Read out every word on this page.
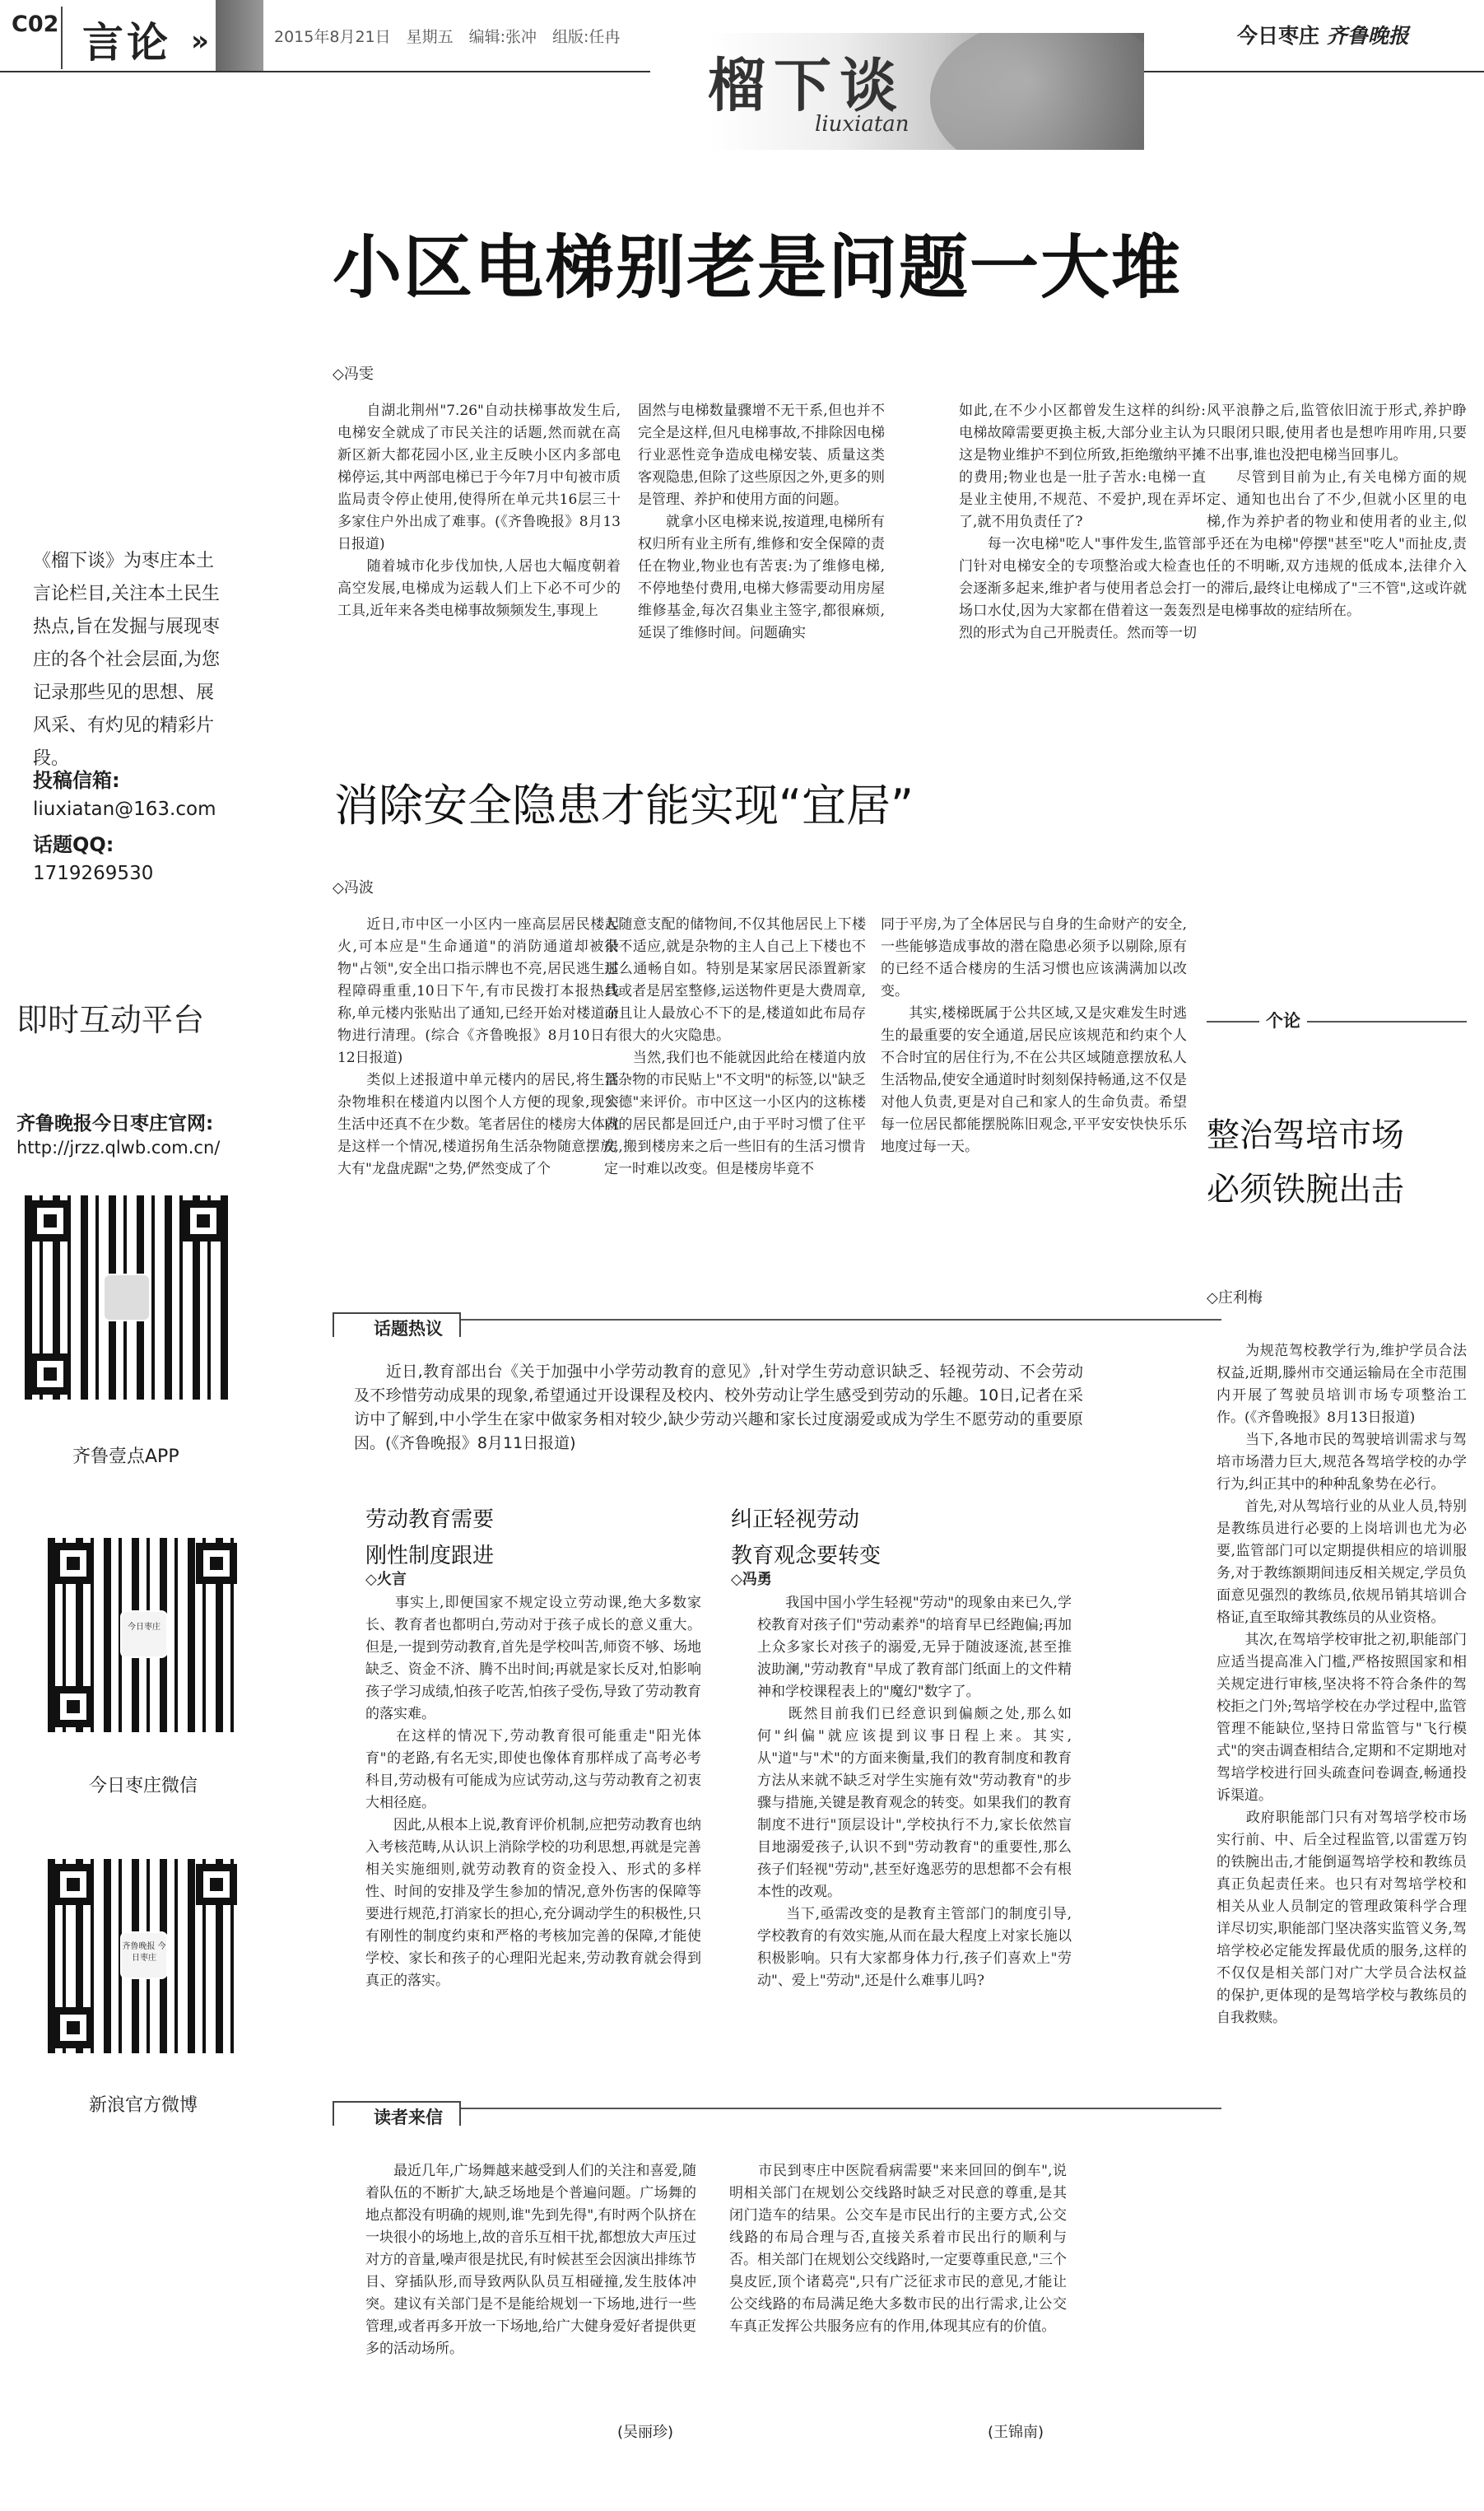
C02 言论 »	2015年8月21日　星期五　编辑:张冲　组版:任冉	今日枣庄 齐鲁晚报
榴下谈
liuxiatan
《榴下谈》为枣庄本土言论栏目,关注本土民生热点,旨在发掘与展现枣庄的各个社会层面,为您记录那些见的思想、展风采、有灼见的精彩片段。
投稿信箱:
liuxiatan@163.com
话题QQ:
1719269530
即时互动平台
齐鲁晚报今日枣庄官网:
http://jrzz.qlwb.com.cn/
齐鲁壹点APP
今日枣庄
今日枣庄微信
齐鲁晚报 今日枣庄
新浪官方微博
小区电梯别老是问题一大堆
◇冯雯
　　自湖北荆州"7.26"自动扶梯事故发生后,电梯安全就成了市民关注的话题,然而就在高新区新大都花园小区,业主反映小区内多部电梯停运,其中两部电梯已于今年7月中旬被市质监局责令停止使用,使得所在单元共16层三十多家住户外出成了难事。(《齐鲁晚报》8月13日报道)
　　随着城市化步伐加快,人居也大幅度朝着高空发展,电梯成为运载人们上下必不可少的工具,近年来各类电梯事故频频发生,事现上
固然与电梯数量骤增不无干系,但也并不完全是这样,但凡电梯事故,不排除因电梯行业恶性竞争造成电梯安装、质量这类客观隐患,但除了这些原因之外,更多的则是管理、养护和使用方面的问题。
　　就拿小区电梯来说,按道理,电梯所有权归所有业主所有,维修和安全保障的责任在物业,物业也有苦衷:为了维修电梯,不停地垫付费用,电梯大修需要动用房屋维修基金,每次召集业主签字,都很麻烦,延误了维修时间。问题确实
如此,在不少小区都曾发生这样的纠纷:电梯故障需要更换主板,大部分业主认为这是物业维护不到位所致,拒绝缴纳平摊的费用;物业也是一肚子苦水:电梯一直是业主使用,不规范、不爱护,现在弄坏了,就不用负责任了?
　　每一次电梯"吃人"事件发生,监管部门针对电梯安全的专项整治或大检查也会逐渐多起来,维护者与使用者总会打一场口水仗,因为大家都在借着这一轰轰烈烈的形式为自己开脱责任。然而等一切
风平浪静之后,监管依旧流于形式,养护睁只眼闭只眼,使用者也是想咋用咋用,只要不出事,谁也没把电梯当回事儿。
　　尽管到目前为止,有关电梯方面的规定、通知也出台了不少,但就小区里的电梯,作为养护者的物业和使用者的业主,似乎还在为电梯"停摆"甚至"吃人"而扯皮,责任的不明晰,双方违规的低成本,法律介入的滞后,最终让电梯成了"三不管",这或许就是电梯事故的症结所在。
消除安全隐患才能实现“宜居”
◇冯波
　　近日,市中区一小区内一座高层居民楼起火,可本应是"生命通道"的消防通道却被杂物"占领",安全出口指示牌也不亮,居民逃生过程障碍重重,10日下午,有市民拨打本报热线称,单元楼内张贴出了通知,已经开始对楼道杂物进行清理。(综合《齐鲁晚报》8月10日、12日报道)
　　类似上述报道中单元楼内的居民,将生活杂物堆积在楼道内以图个人方便的现象,现实生活中还真不在少数。笔者居住的楼房大体就是这样一个情况,楼道拐角生活杂物随意摆放,大有"龙盘虎踞"之势,俨然变成了个
人随意支配的储物间,不仅其他居民上下楼很不适应,就是杂物的主人自己上下楼也不那么通畅自如。特别是某家居民添置新家具或者是居室整修,运送物件更是大费周章,而且让人最放心不下的是,楼道如此布局存有很大的火灾隐患。
　　当然,我们也不能就因此给在楼道内放置杂物的市民贴上"不文明"的标签,以"缺乏公德"来评价。市中区这一小区内的这栋楼内的居民都是回迁户,由于平时习惯了住平房,搬到楼房来之后一些旧有的生活习惯肯定一时难以改变。但是楼房毕竟不
同于平房,为了全体居民与自身的生命财产的安全,一些能够造成事故的潜在隐患必须予以剔除,原有的已经不适合楼房的生活习惯也应该满满加以改变。
　　其实,楼梯既属于公共区域,又是灾难发生时逃生的最重要的安全通道,居民应该规范和约束个人不合时宜的居住行为,不在公共区域随意摆放私人生活物品,使安全通道时时刻刻保持畅通,这不仅是对他人负责,更是对自己和家人的生命负责。希望每一位居民都能摆脱陈旧观念,平平安安快快乐乐地度过每一天。
话题热议
　　近日,教育部出台《关于加强中小学劳动教育的意见》,针对学生劳动意识缺乏、轻视劳动、不会劳动及不珍惜劳动成果的现象,希望通过开设课程及校内、校外劳动让学生感受到劳动的乐趣。10日,记者在采访中了解到,中小学生在家中做家务相对较少,缺少劳动兴趣和家长过度溺爱或成为学生不愿劳动的重要原因。(《齐鲁晚报》8月11日报道)
劳动教育需要
刚性制度跟进
◇火言
　　事实上,即便国家不规定设立劳动课,绝大多数家长、教育者也都明白,劳动对于孩子成长的意义重大。但是,一提到劳动教育,首先是学校叫苦,师资不够、场地缺乏、资金不济、腾不出时间;再就是家长反对,怕影响孩子学习成绩,怕孩子吃苦,怕孩子受伤,导致了劳动教育的落实难。
　　在这样的情况下,劳动教育很可能重走"阳光体育"的老路,有名无实,即使也像体育那样成了高考必考科目,劳动极有可能成为应试劳动,这与劳动教育之初衷大相径庭。
　　因此,从根本上说,教育评价机制,应把劳动教育也纳入考核范畴,从认识上消除学校的功利思想,再就是完善相关实施细则,就劳动教育的资金投入、形式的多样性、时间的安排及学生参加的情况,意外伤害的保障等要进行规范,打消家长的担心,充分调动学生的积极性,只有刚性的制度约束和严格的考核加完善的保障,才能使学校、家长和孩子的心理阳光起来,劳动教育就会得到真正的落实。
纠正轻视劳动
教育观念要转变
◇冯勇
　　我国中国小学生轻视"劳动"的现象由来已久,学校教育对孩子们"劳动素养"的培育早已经跑偏;再加上众多家长对孩子的溺爱,无异于随波逐流,甚至推波助澜,"劳动教育"早成了教育部门纸面上的文件精神和学校课程表上的"魔幻"数字了。
　　既然目前我们已经意识到偏颇之处,那么如何"纠偏"就应该提到议事日程上来。其实,从"道"与"术"的方面来衡量,我们的教育制度和教育方法从来就不缺乏对学生实施有效"劳动教育"的步骤与措施,关键是教育观念的转变。如果我们的教育制度不进行"顶层设计",学校执行不力,家长依然盲目地溺爱孩子,认识不到"劳动教育"的重要性,那么孩子们轻视"劳动",甚至好逸恶劳的思想都不会有根本性的改观。
　　当下,亟需改变的是教育主管部门的制度引导,学校教育的有效实施,从而在最大程度上对家长施以积极影响。只有大家都身体力行,孩子们喜欢上"劳动"、爱上"劳动",还是什么难事儿吗?
读者来信
　　最近几年,广场舞越来越受到人们的关注和喜爱,随着队伍的不断扩大,缺乏场地是个普遍问题。广场舞的地点都没有明确的规则,谁"先到先得",有时两个队挤在一块很小的场地上,故的音乐互相干扰,都想放大声压过对方的音量,噪声很是扰民,有时候甚至会因演出排练节目、穿插队形,而导致两队队员互相碰撞,发生肢体冲突。建议有关部门是不是能给规划一下场地,进行一些管理,或者再多开放一下场地,给广大健身爱好者提供更多的活动场所。
(吴丽珍)
　　市民到枣庄中医院看病需要"来来回回的倒车",说明相关部门在规划公交线路时缺乏对民意的尊重,是其闭门造车的结果。公交车是市民出行的主要方式,公交线路的布局合理与否,直接关系着市民出行的顺利与否。相关部门在规划公交线路时,一定要尊重民意,"三个臭皮匠,顶个诸葛亮",只有广泛征求市民的意见,才能让公交线路的布局满足绝大多数市民的出行需求,让公交车真正发挥公共服务应有的作用,体现其应有的价值。
(王锦南)
个论
整治驾培市场
必须铁腕出击
◇庄利梅
　　为规范驾校教学行为,维护学员合法权益,近期,滕州市交通运输局在全市范围内开展了驾驶员培训市场专项整治工作。(《齐鲁晚报》8月13日报道)
　　当下,各地市民的驾驶培训需求与驾培市场潜力巨大,规范各驾培学校的办学行为,纠正其中的种种乱象势在必行。
　　首先,对从驾培行业的从业人员,特别是教练员进行必要的上岗培训也尤为必要,监管部门可以定期提供相应的培训服务,对于教练额期间违反相关规定,学员负面意见强烈的教练员,依规吊销其培训合格证,直至取缔其教练员的从业资格。
　　其次,在驾培学校审批之初,职能部门应适当提高准入门槛,严格按照国家和相关规定进行审核,坚决将不符合条件的驾校拒之门外;驾培学校在办学过程中,监管管理不能缺位,坚持日常监管与"飞行模式"的突击调查相结合,定期和不定期地对驾培学校进行回头疏查问卷调查,畅通投诉渠道。
　　政府职能部门只有对驾培学校市场实行前、中、后全过程监管,以雷霆万钧的铁腕出击,才能倒逼驾培学校和教练员真正负起责任来。也只有对驾培学校和相关从业人员制定的管理政策科学合理详尽切实,职能部门坚决落实监管义务,驾培学校必定能发挥最优质的服务,这样的不仅仅是相关部门对广大学员合法权益的保护,更体现的是驾培学校与教练员的自我救赎。
